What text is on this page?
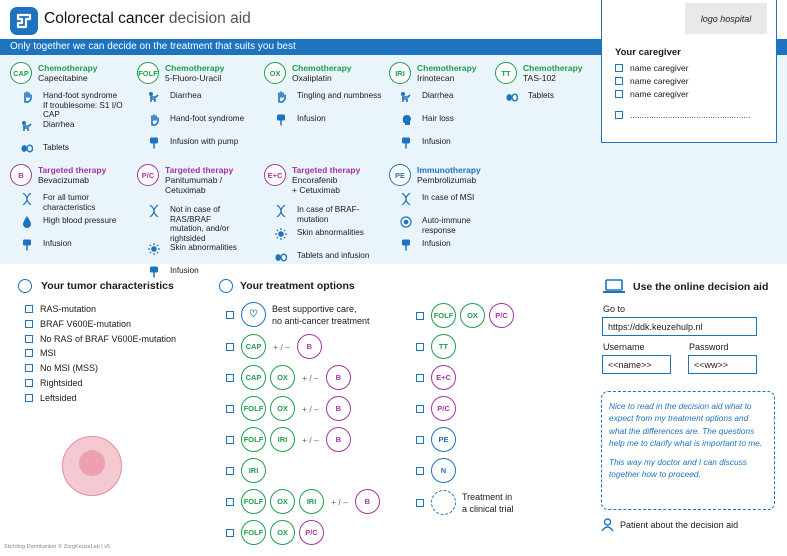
Colorectal cancer decision aid
Only together we can decide on the treatment that suits you best
logo hospital
Your caregiver
name caregiver
name caregiver
name caregiver
...................................................
CAP	Chemotherapy
Capecitabine
Hand-foot syndrome
If troublesome: S1 I/O CAP
Diarrhea
Tablets
FOLF Chemotherapy
5-Fluoro-Uracil
Diarrhea
Hand-foot syndrome
Infusion with pump
OX	Chemotherapy
Oxaliplatin
Tingling and numbness
Infusion
IRI	Chemotherapy
Irinotecan
Diarrhea
Hair loss
Infusion
TT	Chemotherapy
TAS-102
Tablets
B	Targeted therapy
Bevacizumab
For all tumor
characteristics
High blood pressure
Infusion
P/C	Targeted therapy
Panitumumab /
Cetuximab
Not in case of RAS/BRAF
mutation, and/or rightsided
Skin abnormalities
Infusion
E+C	Targeted therapy
Encorafenib
+ Cetuximab
In case of BRAF-mutation
Skin abnormalities
Tablets and infusion
PE	Immunotherapy
Pembrolizumab
In case of MSI
Auto-immune
response
Infusion
Your tumor characteristics
RAS-mutation
BRAF V600E-mutation
No RAS of BRAF V600E-mutation
MSI
No MSI (MSS)
Rightsided
Leftsided
Your treatment options
♡
Best supportive care,
no anti-cancer treatment
CAP	+ / –	B
CAP	OX	+ / –	B
FOLF	OX	+ / –	B
FOLF	IRI	+ / –	B
IRI
FOLF	OX	IRI	+ / –	B
FOLF	OX	P/C
FOLF	OX	P/C
TT
E+C
P/C
PE
N
Treatment in
a clinical trial
Use the online decision aid
Go to
https://ddk.keuzehulp.nl
Username	Password
<<name>>	<<ww>>
Nice to read in the decision aid what to expect from my treatment options and what the differences are. The questions help me to clarify what is important to me.
This way my doctor and I can discuss together how to proceed.
Patient about the decision aid
Stichting Darmkanker © ZorgKeuzeLab | v5
